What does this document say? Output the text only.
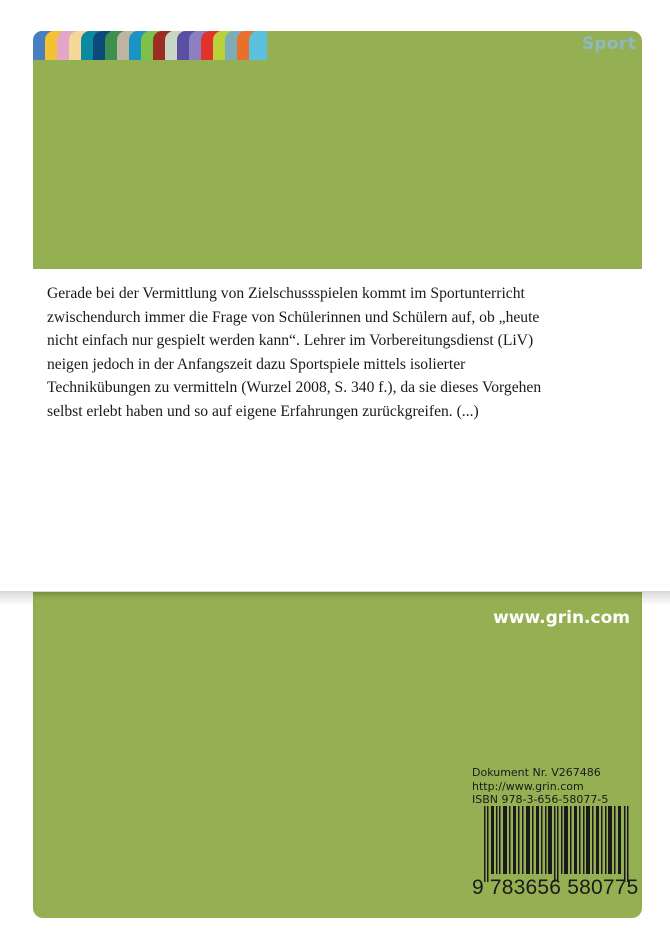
Sport

Gerade bei der Vermittlung von Zielschussspielen kommt im Sportunterricht
zwischendurch immer die Frage von Schülerinnen und Schülern auf, ob „heute
nicht einfach nur gespielt werden kann“. Lehrer im Vorbereitungsdienst (LiV)
neigen jedoch in der Anfangszeit dazu Sportspiele mittels isolierter
Technikübungen zu vermitteln (Wurzel 2008, S. 340 f.), da sie dieses Vorgehen
selbst erlebt haben und so auf eigene Erfahrungen zurückgreifen. (...)

www.grin.com
Dokument Nr. V267486
http://www.grin.com
ISBN 978-3-656-58077-5
9 783656 580775
